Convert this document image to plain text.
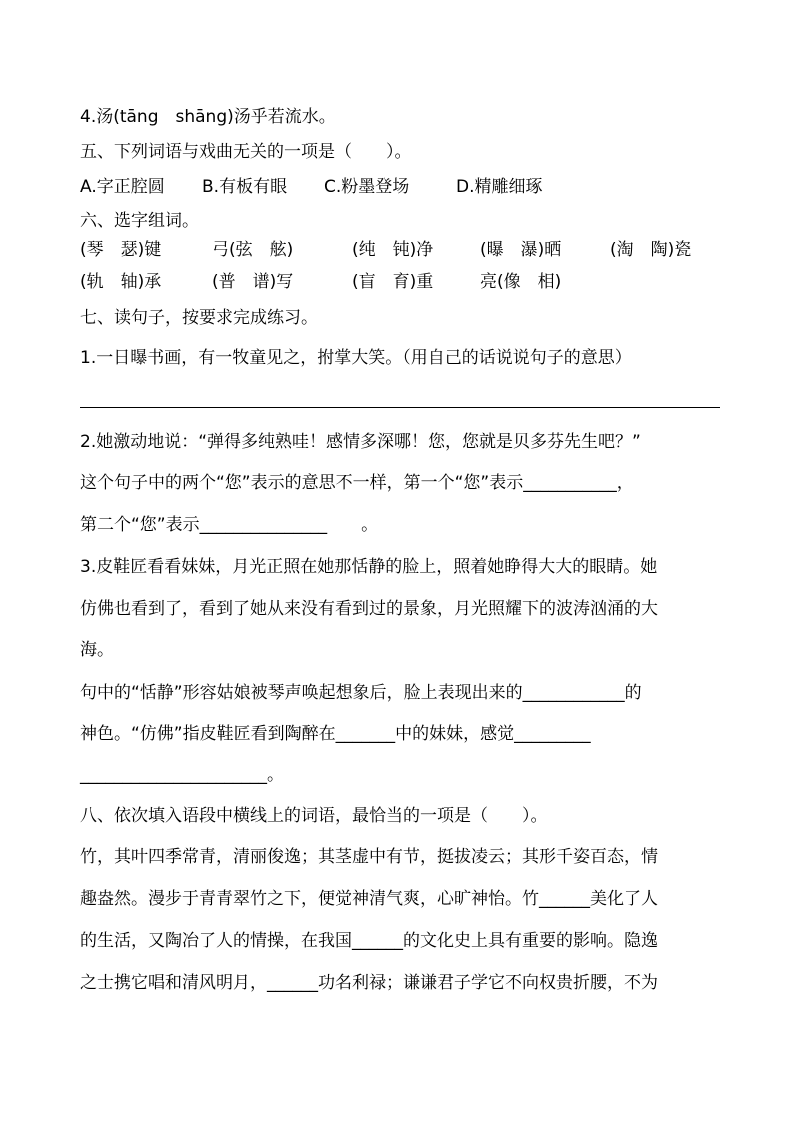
4.汤(tāng　shāng)汤乎若流水。
五、下列词语与戏曲无关的一项是（　　）。
A.字正腔圆	B.有板有眼	C.粉墨登场	D.精雕细琢
六、选字组词。
(琴　瑟)键	弓(弦　舷)	(纯　钝)净	(曝　瀑)晒	(淘　陶)瓷
(轨　轴)承	(普　谱)写	(盲　育)重	亮(像　相)
七、读句子，按要求完成练习。
1.一日曝书画，有一牧童见之，拊掌大笑。（用自己的话说说句子的意思）
2.她激动地说：“弹得多纯熟哇！感情多深哪！您，您就是贝多芬先生吧？”
这个句子中的两个“您”表示的意思不一样，第一个“您”表示___________，
第二个“您”表示_______________　　。
3.皮鞋匠看看妹妹，月光正照在她那恬静的脸上，照着她睁得大大的眼睛。她
仿佛也看到了，看到了她从来没有看到过的景象，月光照耀下的波涛汹涌的大
海。
句中的“恬静”形容姑娘被琴声唤起想象后，脸上表现出来的____________的
神色。“仿佛”指皮鞋匠看到陶醉在_______中的妹妹，感觉_________
______________________。
八、依次填入语段中横线上的词语，最恰当的一项是（　　）。
竹，其叶四季常青，清丽俊逸；其茎虚中有节，挺拔凌云；其形千姿百态，情
趣盎然。漫步于青青翠竹之下，便觉神清气爽，心旷神怡。竹______美化了人
的生活，又陶冶了人的情操，在我国______的文化史上具有重要的影响。隐逸
之士携它唱和清风明月，______功名利禄；谦谦君子学它不向权贵折腰，不为
